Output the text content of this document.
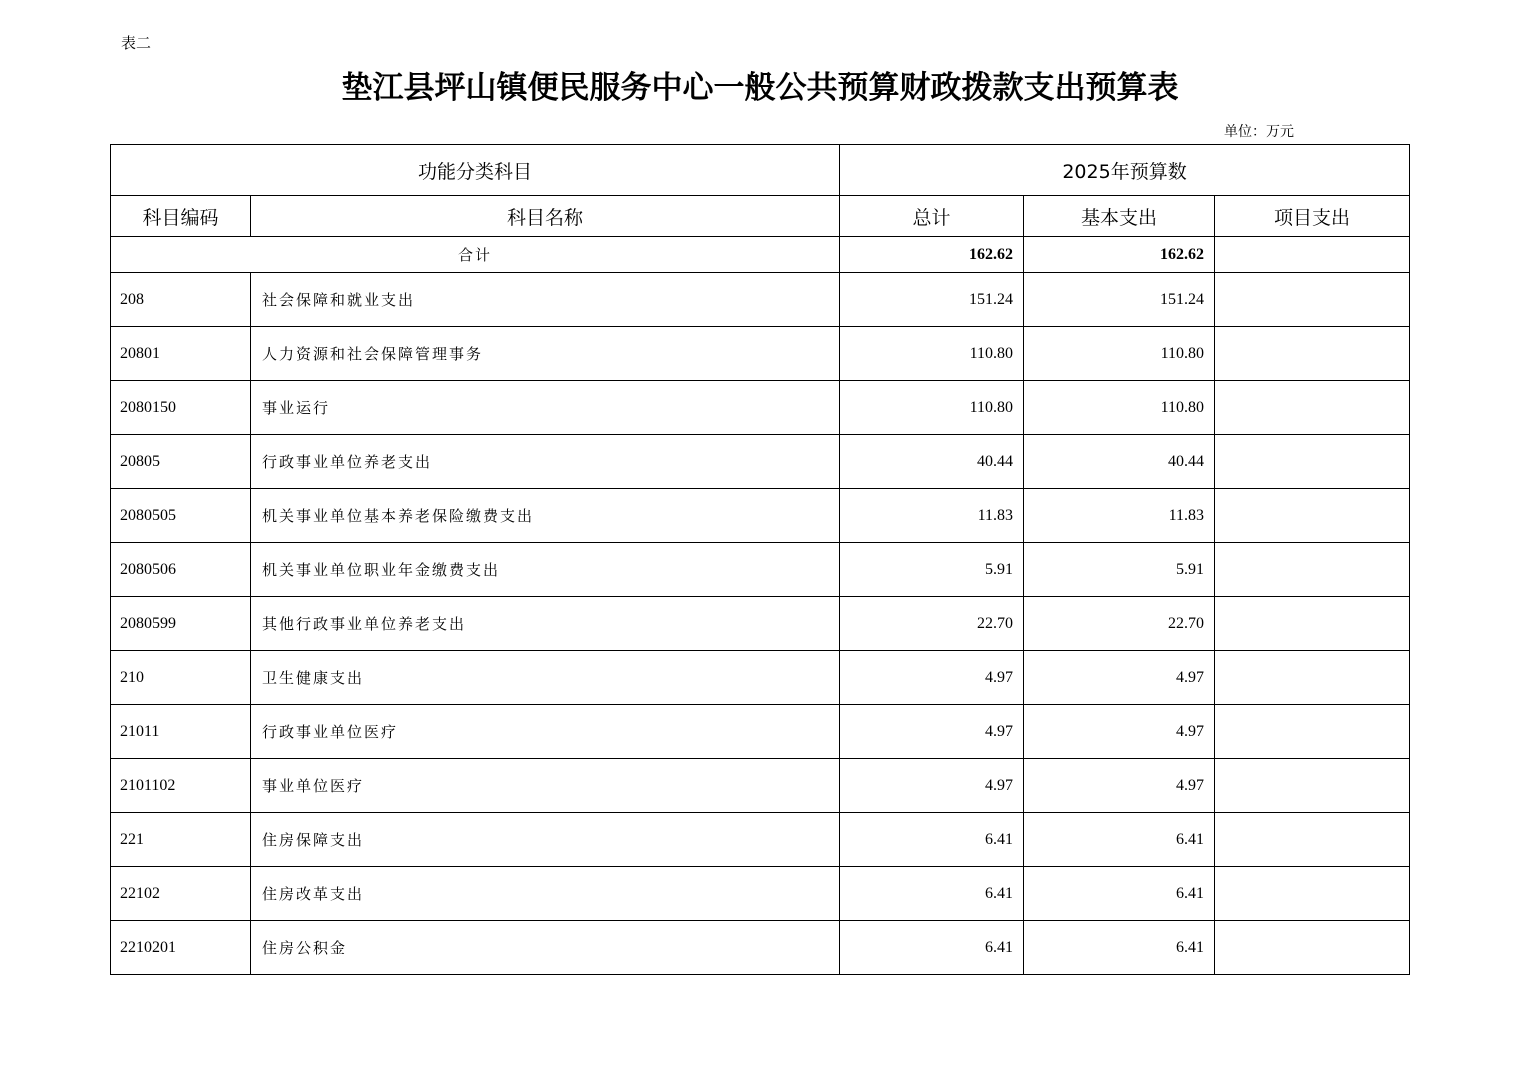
表二
垫江县坪山镇便民服务中心一般公共预算财政拨款支出预算表
单位：万元
功能分类科目		2025年预算数		
科目编码	科目名称	总计	基本支出	项目支出
合计		162.62	162.62	
208	社会保障和就业支出	151.24	151.24	
20801	人力资源和社会保障管理事务	110.80	110.80	
2080150	事业运行	110.80	110.80	
20805	行政事业单位养老支出	40.44	40.44	
2080505	机关事业单位基本养老保险缴费支出	11.83	11.83	
2080506	机关事业单位职业年金缴费支出	5.91	5.91	
2080599	其他行政事业单位养老支出	22.70	22.70	
210	卫生健康支出	4.97	4.97	
21011	行政事业单位医疗	4.97	4.97	
2101102	事业单位医疗	4.97	4.97	
221	住房保障支出	6.41	6.41	
22102	住房改革支出	6.41	6.41	
2210201	住房公积金	6.41	6.41	
